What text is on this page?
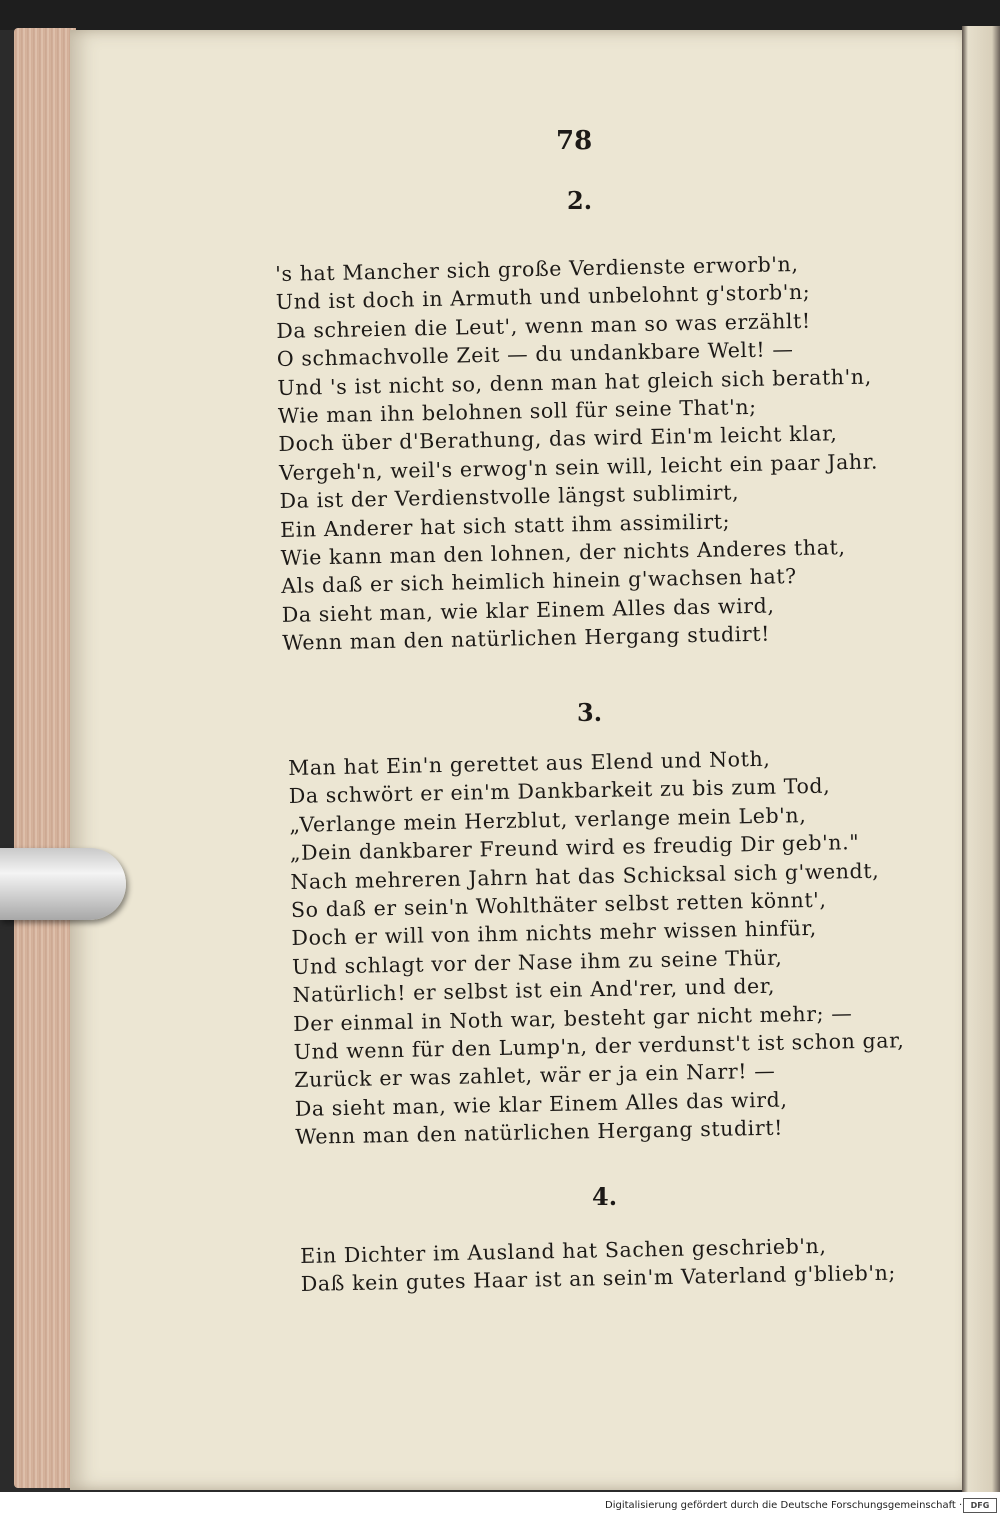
78
2.
's hat Mancher sich große Verdienste erworb'n,
Und ist doch in Armuth und unbelohnt g'storb'n;
Da schreien die Leut', wenn man so was erzählt!
O schmachvolle Zeit — du undankbare Welt! —
Und 's ist nicht so, denn man hat gleich sich berath'n,
Wie man ihn belohnen soll für seine That'n;
Doch über d'Berathung, das wird Ein'm leicht klar,
Vergeh'n, weil's erwog'n sein will, leicht ein paar Jahr.
Da ist der Verdienstvolle längst sublimirt,
Ein Anderer hat sich statt ihm assimilirt;
Wie kann man den lohnen, der nichts Anderes that,
Als daß er sich heimlich hinein g'wachsen hat?
Da sieht man, wie klar Einem Alles das wird,
Wenn man den natürlichen Hergang studirt!
3.
Man hat Ein'n gerettet aus Elend und Noth,
Da schwört er ein'm Dankbarkeit zu bis zum Tod,
„Verlange mein Herzblut, verlange mein Leb'n,
„Dein dankbarer Freund wird es freudig Dir geb'n."
Nach mehreren Jahrn hat das Schicksal sich g'wendt,
So daß er sein'n Wohlthäter selbst retten könnt',
Doch er will von ihm nichts mehr wissen hinfür,
Und schlagt vor der Nase ihm zu seine Thür,
Natürlich! er selbst ist ein And'rer, und der,
Der einmal in Noth war, besteht gar nicht mehr; —
Und wenn für den Lump'n, der verdunst't ist schon gar,
Zurück er was zahlet, wär er ja ein Narr! —
Da sieht man, wie klar Einem Alles das wird,
Wenn man den natürlichen Hergang studirt!
4.
Ein Dichter im Ausland hat Sachen geschrieb'n,
Daß kein gutes Haar ist an sein'm Vaterland g'blieb'n;
Digitalisierung gefördert durch die Deutsche Forschungsgemeinschaft ·	DFG
